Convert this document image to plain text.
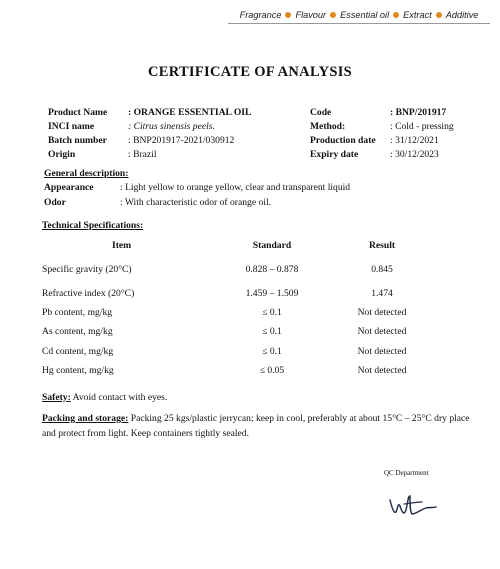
Fragrance Flavour Essential oil Extract Additive
CERTIFICATE OF ANALYSIS
Product Name : ORANGE ESSENTIAL OIL	Code	: BNP/201917
INCI name	: Citrus sinensis peels.	Method:	: Cold - pressing
Batch number : BNP201917-2021/030912	Production date : 31/12/2021
Origin	: Brazil	Expiry date	: 30/12/2023
General description:
Appearance	: Light yellow to orange yellow, clear and transparent liquid
Odor	: With characteristic odor of orange oil.
Technical Specifications:
Item	Standard	Result
Specific gravity (20°C)	0.828 – 0.878	0.845
Refractive index (20°C)	1.459 – 1.509	1.474
Pb content, mg/kg	≤ 0.1	Not detected
As content, mg/kg	≤ 0.1	Not detected
Cd content, mg/kg	≤ 0.1	Not detected
Hg content, mg/kg	≤ 0.05	Not detected
Safety: Avoid contact with eyes.
Packing and storage: Packing 25 kgs/plastic jerrycan; keep in cool, preferably at about 15°C – 25°C dry place and protect from light. Keep containers tightly sealed.
QC Department
